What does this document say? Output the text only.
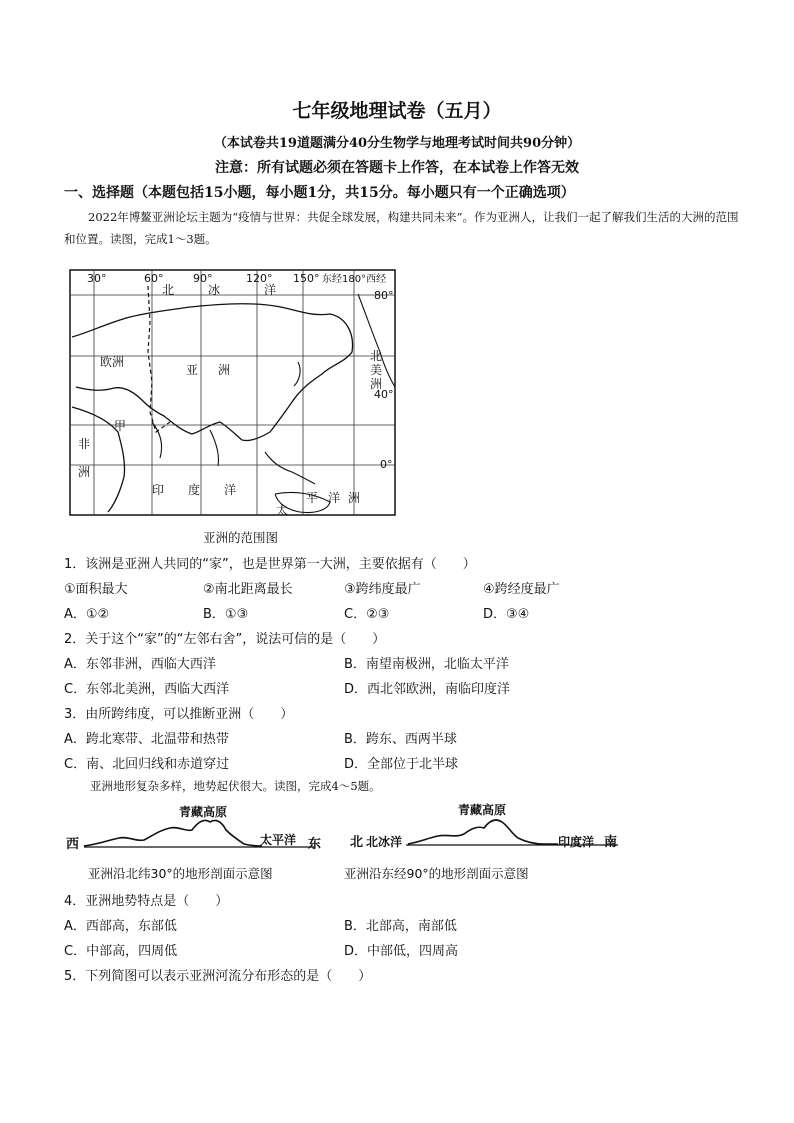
七年级地理试卷（五月）
（本试卷共19道题满分40分生物学与地理考试时间共90分钟）
注意：所有试题必须在答题卡上作答，在本试卷上作答无效
一、选择题（本题包括15小题，每小题1分，共15分。每小题只有一个正确选项）
2022年博鳌亚洲论坛主题为“疫情与世界：共促全球发展，构建共同未来”。作为亚洲人，让我们一起了解我们生活的大洲的范围和位置。读图，完成1～3题。
30°	60°	90°	120° 150° 东经180°西经
80°
40°
0°
北	冰	洋
欧洲
亚 洲
北
美
洲
甲
非
洲
印 度 洋
太
平 洋 洲
亚洲的范围图
1．该洲是亚洲人共同的“家”，也是世界第一大洲，主要依据有（　　）
①面积最大	②南北距离最长	③跨纬度最广	④跨经度最广
A．①②	B．①③	C．②③	D．③④
2．关于这个“家”的“左邻右舍”，说法可信的是（　　）
A．东邻非洲，西临大西洋	B．南望南极洲，北临太平洋
C．东邻北美洲，西临大西洋	D．西北邻欧洲，南临印度洋
3．由所跨纬度，可以推断亚洲（　　）
A．跨北寒带、北温带和热带	B．跨东、西两半球
C．南、北回归线和赤道穿过	D．全部位于北半球
亚洲地形复杂多样，地势起伏很大。读图，完成4～5题。
西
青藏高原
太平洋 东
亚洲沿北纬30°的地形剖面示意图
北 北冰洋
青藏高原
印度洋 南
亚洲沿东经90°的地形剖面示意图
4．亚洲地势特点是（　　）
A．西部高，东部低	B．北部高，南部低
C．中部高，四周低	D．中部低，四周高
5．下列简图可以表示亚洲河流分布形态的是（　　）
